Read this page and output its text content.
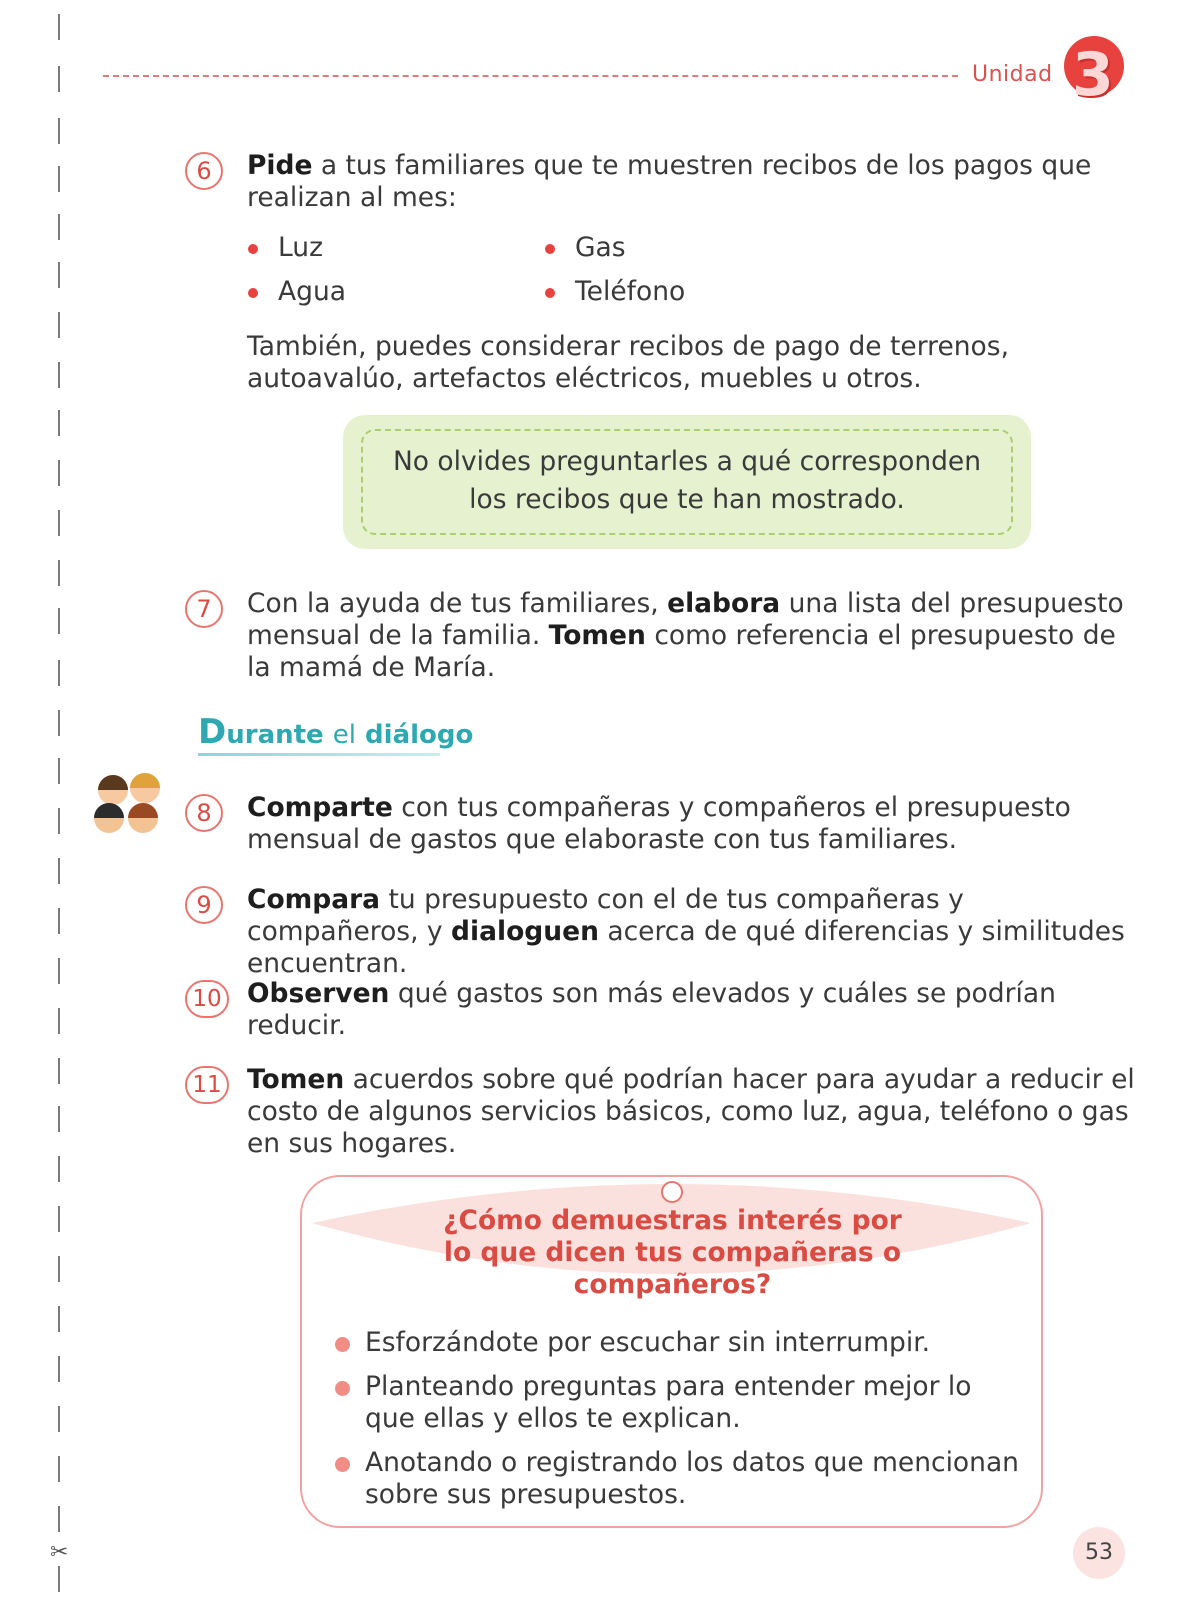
✂
Unidad 3
6	Pide a tus familiares que te muestren recibos de los pagos que realizan al mes:
Luz	Gas
Agua	Teléfono
También, puedes considerar recibos de pago de terrenos, autoavalúo, artefactos eléctricos, muebles u otros.
No olvides preguntarles a qué corresponden
los recibos que te han mostrado.
7	Con la ayuda de tus familiares, elabora una lista del presupuesto mensual de la familia. Tomen como referencia el presupuesto de la mamá de María.
Durante el diálogo
8	Comparte con tus compañeras y compañeros el presupuesto mensual de gastos que elaboraste con tus familiares.
9	Compara tu presupuesto con el de tus compañeras y compañeros, y dialoguen acerca de qué diferencias y similitudes encuentran.
10 Observen qué gastos son más elevados y cuáles se podrían reducir.
11 Tomen acuerdos sobre qué podrían hacer para ayudar a reducir el costo de algunos servicios básicos, como luz, agua, teléfono o gas en sus hogares.
¿Cómo demuestras interés por lo que dicen tus compañeras o compañeros?
Esforzándote por escuchar sin interrumpir.
Planteando preguntas para entender mejor lo que ellas y ellos te explican.
Anotando o registrando los datos que mencionan sobre sus presupuestos.
53
